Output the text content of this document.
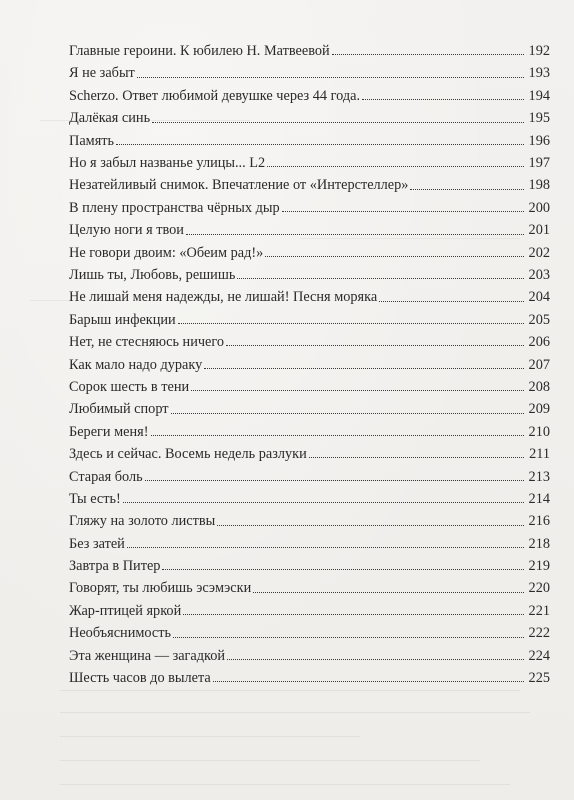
Главные героини. К юбилею Н. Матвеевой	192
Я не забыт	193
Scherzo. Ответ любимой девушке через 44 года.	194
Далёкая синь	195
Память	196
Но я забыл названье улицы... L2	197
Незатейливый снимок. Впечатление от «Интерстеллер»	198
В плену пространства чёрных дыр	200
Целую ноги я твои	201
Не говори двоим: «Обеим рад!»	202
Лишь ты, Любовь, решишь	203
Не лишай меня надежды, не лишай! Песня моряка	204
Барыш инфекции	205
Нет, не стесняюсь ничего	206
Как мало надо дураку	207
Сорок шесть в тени	208
Любимый спорт	209
Береги меня!	210
Здесь и сейчас. Восемь недель разлуки	211
Старая боль	213
Ты есть!	214
Гляжу на золото листвы	216
Без затей	218
Завтра в Питер	219
Говорят, ты любишь эсэмэски	220
Жар-птицей яркой	221
Необъяснимость	222
Эта женщина — загадкой	224
Шесть часов до вылета	225
